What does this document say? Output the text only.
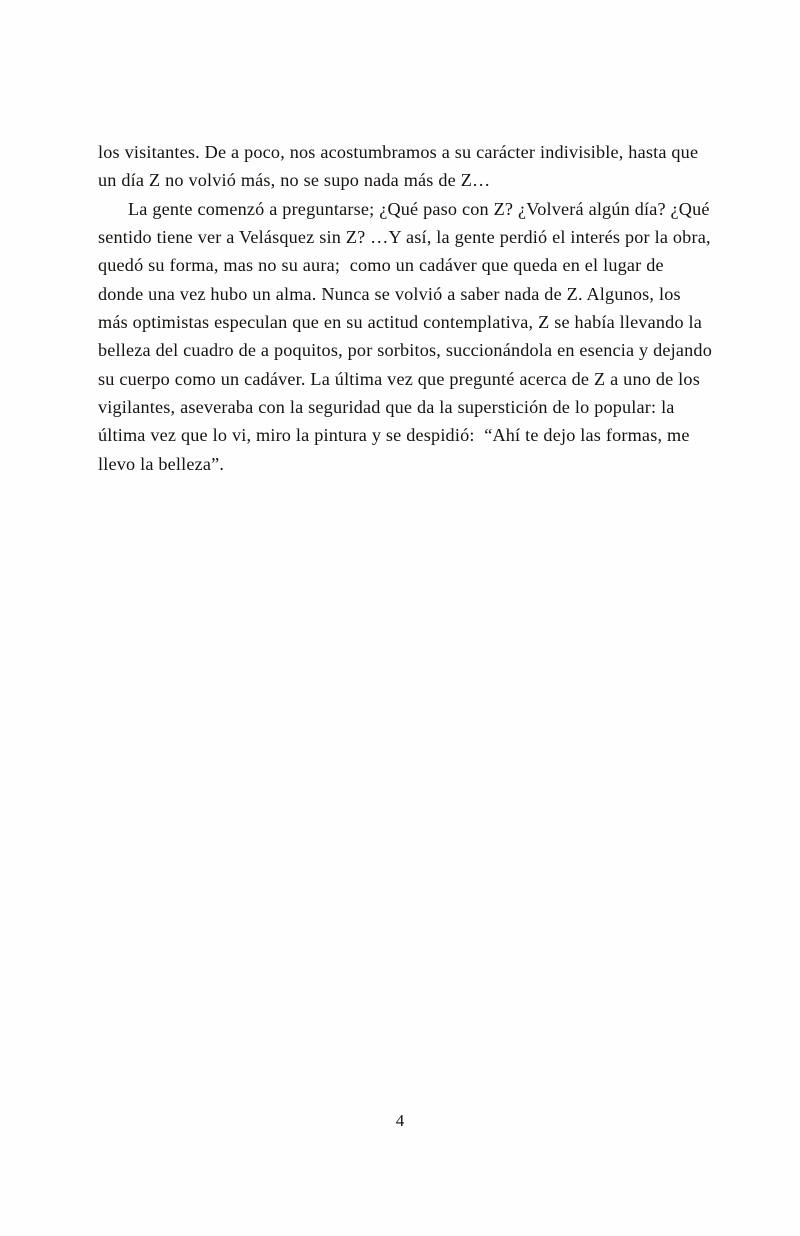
los visitantes. De a poco, nos acostumbramos a su carácter indivisible, hasta que un día Z no volvió más, no se supo nada más de Z…

La gente comenzó a preguntarse; ¿Qué paso con Z? ¿Volverá algún día? ¿Qué sentido tiene ver a Velásquez sin Z? …Y así, la gente perdió el interés por la obra, quedó su forma, mas no su aura;  como un cadáver que queda en el lugar de donde una vez hubo un alma. Nunca se volvió a saber nada de Z. Algunos, los más optimistas especulan que en su actitud contemplativa, Z se había llevando la belleza del cuadro de a poquitos, por sorbitos, succionándola en esencia y dejando su cuerpo como un cadáver. La última vez que pregunté acerca de Z a uno de los vigilantes, aseveraba con la seguridad que da la superstición de lo popular: la última vez que lo vi, miro la pintura y se despidió:  “Ahí te dejo las formas, me llevo la belleza”.

4
